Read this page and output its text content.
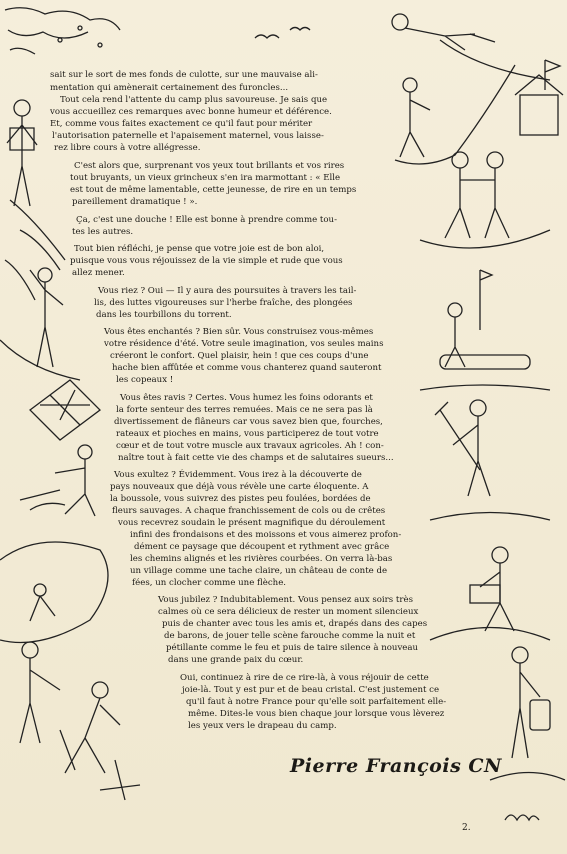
sait sur le sort de mes fonds de culotte, sur une mauvaise ali-
mentation qui amènerait certainement des furoncles...
Tout cela rend l'attente du camp plus savoureuse. Je sais que
vous accueillez ces remarques avec bonne humeur et déférence.
Et, comme vous faites exactement ce qu'il faut pour mériter
l'autorisation paternelle et l'apaisement maternel, vous laisse-
rez libre cours à votre allégresse.
C'est alors que, surprenant vos yeux tout brillants et vos rires
tout bruyants, un vieux grincheux s'en ira marmottant : « Elle
est tout de même lamentable, cette jeunesse, de rire en un temps
pareillement dramatique ! ».
Ça, c'est une douche ! Elle est bonne à prendre comme tou-
tes les autres.
Tout bien réfléchi, je pense que votre joie est de bon aloi,
puisque vous vous réjouissez de la vie simple et rude que vous
allez mener.
Vous riez ? Oui — Il y aura des poursuites à travers les tail-
lis, des luttes vigoureuses sur l'herbe fraîche, des plongées
dans les tourbillons du torrent.
Vous êtes enchantés ? Bien sûr. Vous construisez vous-mêmes
votre résidence d'été. Votre seule imagination, vos seules mains
créeront le confort. Quel plaisir, hein ! que ces coups d'une
hache bien affûtée et comme vous chanterez quand sauteront
les copeaux !
Vous êtes ravis ? Certes. Vous humez les foins odorants et
la forte senteur des terres remuées. Mais ce ne sera pas là
divertissement de flâneurs car vous savez bien que, fourches,
rateaux et pioches en mains, vous participerez de tout votre
cœur et de tout votre muscle aux travaux agricoles. Ah ! con-
naître tout à fait cette vie des champs et de salutaires sueurs...
Vous exultez ? Évidemment. Vous irez à la découverte de
pays nouveaux que déjà vous révèle une carte éloquente. A
la boussole, vous suivrez des pistes peu foulées, bordées de
fleurs sauvages. A chaque franchissement de cols ou de crêtes
vous recevrez soudain le présent magnifique du déroulement
infini des frondaisons et des moissons et vous aimerez profon-
dément ce paysage que découpent et rythment avec grâce
les chemins alignés et les rivières courbées. On verra là-bas
un village comme une tache claire, un château de conte de
fées, un clocher comme une flèche.
Vous jubilez ? Indubitablement. Vous pensez aux soirs très
calmes où ce sera délicieux de rester un moment silencieux
puis de chanter avec tous les amis et, drapés dans des capes
de barons, de jouer telle scène farouche comme la nuit et
pétillante comme le feu et puis de taire silence à nouveau
dans une grande paix du cœur.
Oui, continuez à rire de ce rire-là, à vous réjouir de cette
joie-là. Tout y est pur et de beau cristal. C'est justement ce
qu'il faut à notre France pour qu'elle soit parfaitement elle-
même. Dites-le vous bien chaque jour lorsque vous lèverez
les yeux vers le drapeau du camp.
Pierre François CN
2.
